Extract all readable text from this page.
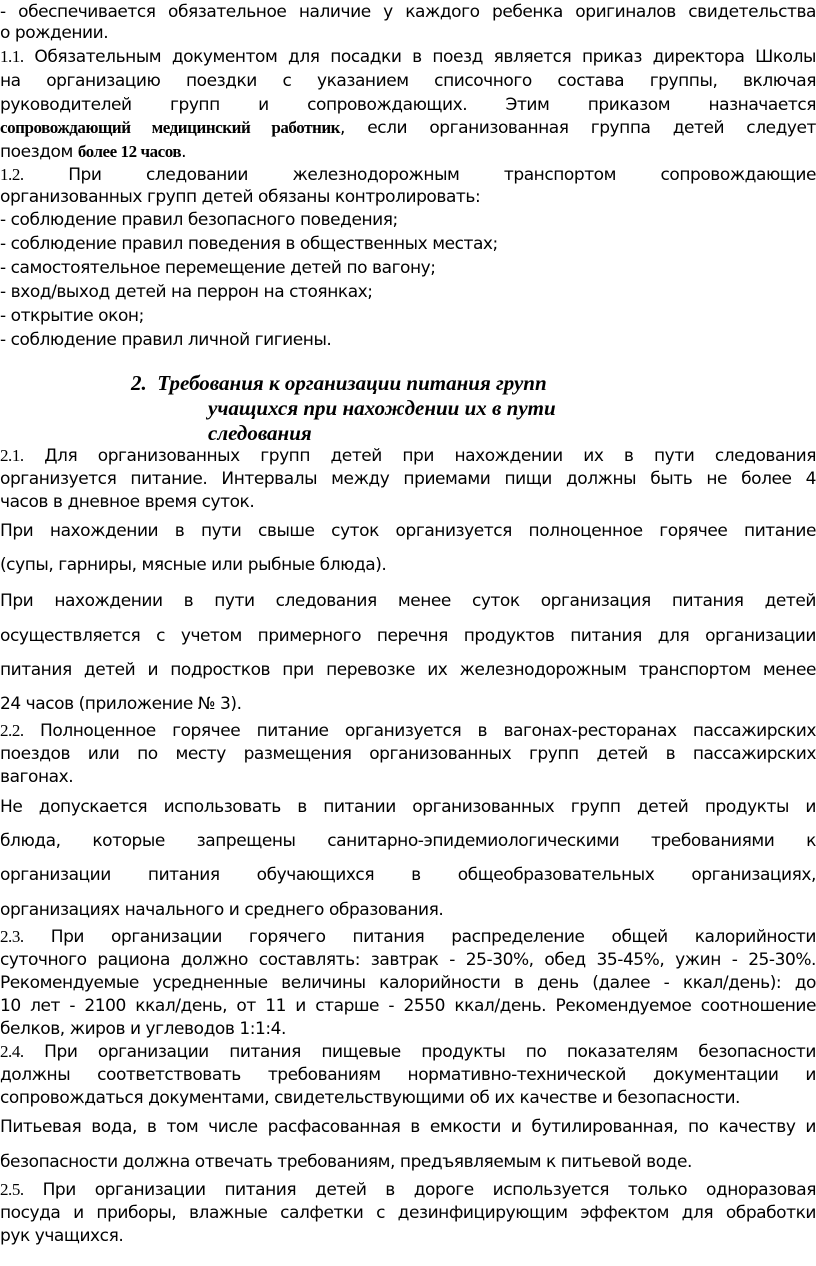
- обеспечивается обязательное наличие у каждого ребенка оригиналов свидетельства
о рождении.
1.1. Обязательным документом для посадки в поезд является приказ директора Школы
на организацию поездки с указанием списочного состава группы, включая
руководителей групп и сопровождающих. Этим приказом назначается
сопровождающий медицинский работник, если организованная группа детей следует
поездом более 12 часов.
1.2.	При следовании железнодорожным транспортом сопровождающие
организованных групп детей обязаны контролировать:
- соблюдение правил безопасного поведения;
- соблюдение правил поведения в общественных местах;
- самостоятельное перемещение детей по вагону;
- вход/выход детей на перрон на стоянках;
- открытие окон;
- соблюдение правил личной гигиены.
2. Требования к организации питания групп
учащихся при нахождении их в пути
следования
2.1. Для организованных групп детей при нахождении их в пути следования
организуется питание. Интервалы между приемами пищи должны быть не более 4
часов в дневное время суток.
При нахождении в пути свыше суток организуется полноценное горячее питание
(супы, гарниры, мясные или рыбные блюда).
При нахождении в пути следования менее суток организация питания детей
осуществляется с учетом примерного перечня продуктов питания для организации
питания детей и подростков при перевозке их железнодорожным транспортом менее
24 часов (приложение № 3).
2.2. Полноценное горячее питание организуется в вагонах-ресторанах пассажирских
поездов или по месту размещения организованных групп детей в пассажирских
вагонах.
Не допускается использовать в питании организованных групп детей продукты и
блюда, которые запрещены санитарно-эпидемиологическими требованиями к
организации питания обучающихся в общеобразовательных организациях,
организациях начального и среднего образования.
2.3. При организации горячего питания распределение общей калорийности
суточного рациона должно составлять: завтрак - 25-30%, обед 35-45%, ужин - 25-30%.
Рекомендуемые усредненные величины калорийности в день (далее - ккал/день): до
10 лет - 2100 ккал/день, от 11 и старше - 2550 ккал/день. Рекомендуемое соотношение
белков, жиров и углеводов 1:1:4.
2.4. При организации питания пищевые продукты по показателям безопасности
должны соответствовать требованиям нормативно-технической документации и
сопровождаться документами, свидетельствующими об их качестве и безопасности.
Питьевая вода, в том числе расфасованная в емкости и бутилированная, по качеству и
безопасности должна отвечать требованиям, предъявляемым к питьевой воде.
2.5. При организации питания детей в дороге используется только одноразовая
посуда и приборы, влажные салфетки с дезинфицирующим эффектом для обработки
рук учащихся.
